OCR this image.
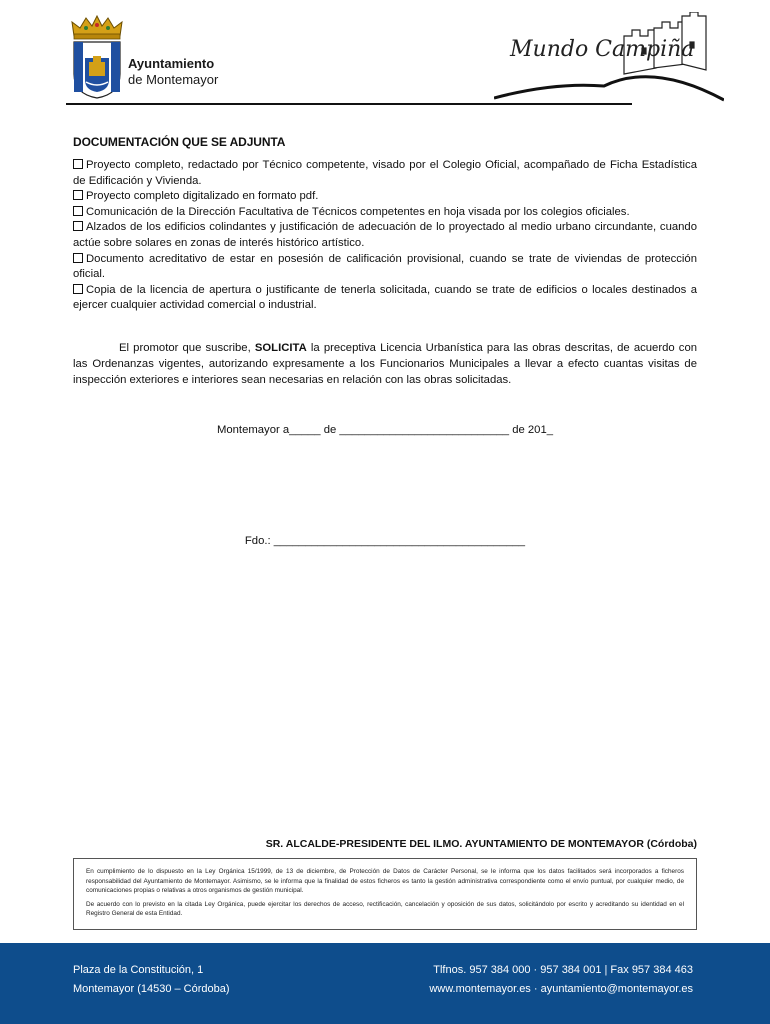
Ayuntamiento
de Montemayor
Mundo Campiña
DOCUMENTACIÓN QUE SE ADJUNTA

Proyecto completo, redactado por Técnico competente, visado por el Colegio Oficial, acompañado de Ficha Estadística de Edificación y Vivienda.

Proyecto completo digitalizado en formato pdf.

Comunicación de la Dirección Facultativa de Técnicos competentes en hoja visada por los colegios oficiales.

Alzados de los edificios colindantes y justificación de adecuación de lo proyectado al medio urbano circundante, cuando actúe sobre solares en zonas de interés histórico artístico.

Documento acreditativo de estar en posesión de calificación provisional, cuando se trate de viviendas de protección oficial.

Copia de la licencia de apertura o justificante de tenerla solicitada, cuando se trate de edificios o locales destinados a ejercer cualquier actividad comercial o industrial.

El promotor que suscribe, SOLICITA la preceptiva Licencia Urbanística para las obras descritas, de acuerdo con las Ordenanzas vigentes, autorizando expresamente a los Funcionarios Municipales a llevar a efecto cuantas visitas de inspección exteriores e interiores sean necesarias en relación con las obras solicitadas.
Montemayor a_____ de ___________________________ de 201_
Fdo.: ________________________________________
SR. ALCALDE-PRESIDENTE DEL ILMO. AYUNTAMIENTO DE MONTEMAYOR (Córdoba)

En cumplimiento de lo dispuesto en la Ley Orgánica 15/1999, de 13 de diciembre, de Protección de Datos de Carácter Personal, se le informa que los datos facilitados será incorporados a ficheros responsabilidad del Ayuntamiento de Montemayor. Asimismo, se le informa que la finalidad de estos ficheros es tanto la gestión administrativa correspondiente como el envío puntual, por cualquier medio, de comunicaciones propias o relativas a otros organismos de gestión municipal.

De acuerdo con lo previsto en la citada Ley Orgánica, puede ejercitar los derechos de acceso, rectificación, cancelación y oposición de sus datos, solicitándolo por escrito y acreditando su identidad en el Registro General de esta Entidad.

Plaza de la Constitución, 1
Montemayor (14530 – Córdoba)
Tlfnos. 957 384 000 · 957 384 001 | Fax 957 384 463
www.montemayor.es · ayuntamiento@montemayor.es
